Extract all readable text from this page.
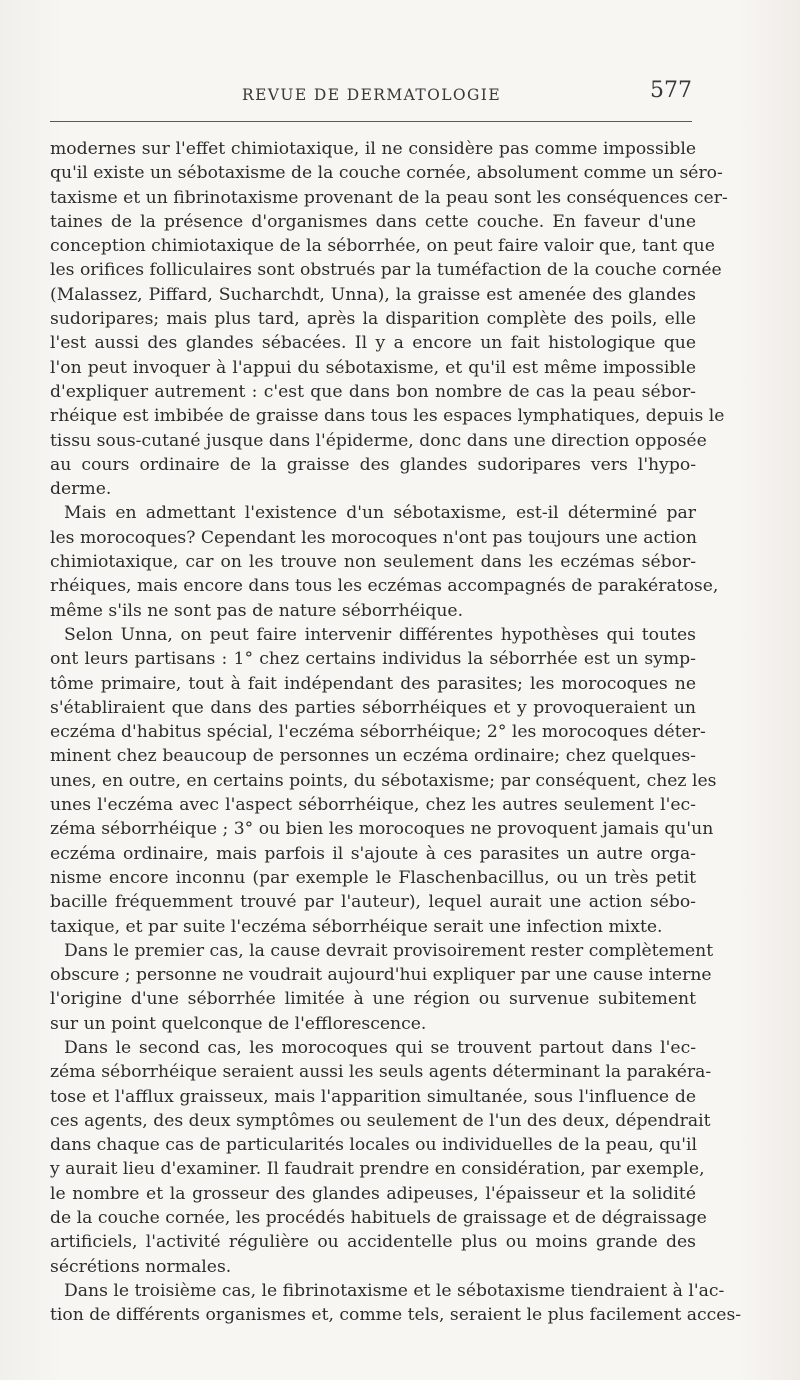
REVUE DE DERMATOLOGIE	577

modernes sur l'effet chimiotaxique, il ne considère pas comme impossible
qu'il existe un sébotaxisme de la couche cornée, absolument comme un séro-
taxisme et un fibrinotaxisme provenant de la peau sont les conséquences cer-
taines de la présence d'organismes dans cette couche. En faveur d'une
conception chimiotaxique de la séborrhée, on peut faire valoir que, tant que
les orifices folliculaires sont obstrués par la tuméfaction de la couche cornée
(Malassez, Piffard, Sucharchdt, Unna), la graisse est amenée des glandes
sudoripares; mais plus tard, après la disparition complète des poils, elle
l'est aussi des glandes sébacées. Il y a encore un fait histologique que
l'on peut invoquer à l'appui du sébotaxisme, et qu'il est même impossible
d'expliquer autrement : c'est que dans bon nombre de cas la peau sébor-
rhéique est imbibée de graisse dans tous les espaces lymphatiques, depuis le
tissu sous-cutané jusque dans l'épiderme, donc dans une direction opposée
au cours ordinaire de la graisse des glandes sudoripares vers l'hypo-
derme.

Mais en admettant l'existence d'un sébotaxisme, est-il déterminé par
les morocoques? Cependant les morocoques n'ont pas toujours une action
chimiotaxique, car on les trouve non seulement dans les eczémas sébor-
rhéiques, mais encore dans tous les eczémas accompagnés de parakératose,
même s'ils ne sont pas de nature séborrhéique.

Selon Unna, on peut faire intervenir différentes hypothèses qui toutes
ont leurs partisans : 1° chez certains individus la séborrhée est un symp-
tôme primaire, tout à fait indépendant des parasites; les morocoques ne
s'établiraient que dans des parties séborrhéiques et y provoqueraient un
eczéma d'habitus spécial, l'eczéma séborrhéique; 2° les morocoques déter-
minent chez beaucoup de personnes un eczéma ordinaire; chez quelques-
unes, en outre, en certains points, du sébotaxisme; par conséquent, chez les
unes l'eczéma avec l'aspect séborrhéique, chez les autres seulement l'ec-
zéma séborrhéique ; 3° ou bien les morocoques ne provoquent jamais qu'un
eczéma ordinaire, mais parfois il s'ajoute à ces parasites un autre orga-
nisme encore inconnu (par exemple le Flaschenbacillus, ou un très petit
bacille fréquemment trouvé par l'auteur), lequel aurait une action sébo-
taxique, et par suite l'eczéma séborrhéique serait une infection mixte.

Dans le premier cas, la cause devrait provisoirement rester complètement
obscure ; personne ne voudrait aujourd'hui expliquer par une cause interne
l'origine d'une séborrhée limitée à une région ou survenue subitement
sur un point quelconque de l'efflorescence.

Dans le second cas, les morocoques qui se trouvent partout dans l'ec-
zéma séborrhéique seraient aussi les seuls agents déterminant la parakéra-
tose et l'afflux graisseux, mais l'apparition simultanée, sous l'influence de
ces agents, des deux symptômes ou seulement de l'un des deux, dépendrait
dans chaque cas de particularités locales ou individuelles de la peau, qu'il
y aurait lieu d'examiner. Il faudrait prendre en considération, par exemple,
le nombre et la grosseur des glandes adipeuses, l'épaisseur et la solidité
de la couche cornée, les procédés habituels de graissage et de dégraissage
artificiels, l'activité régulière ou accidentelle plus ou moins grande des
sécrétions normales.

Dans le troisième cas, le fibrinotaxisme et le sébotaxisme tiendraient à l'ac-
tion de différents organismes et, comme tels, seraient le plus facilement acces-
